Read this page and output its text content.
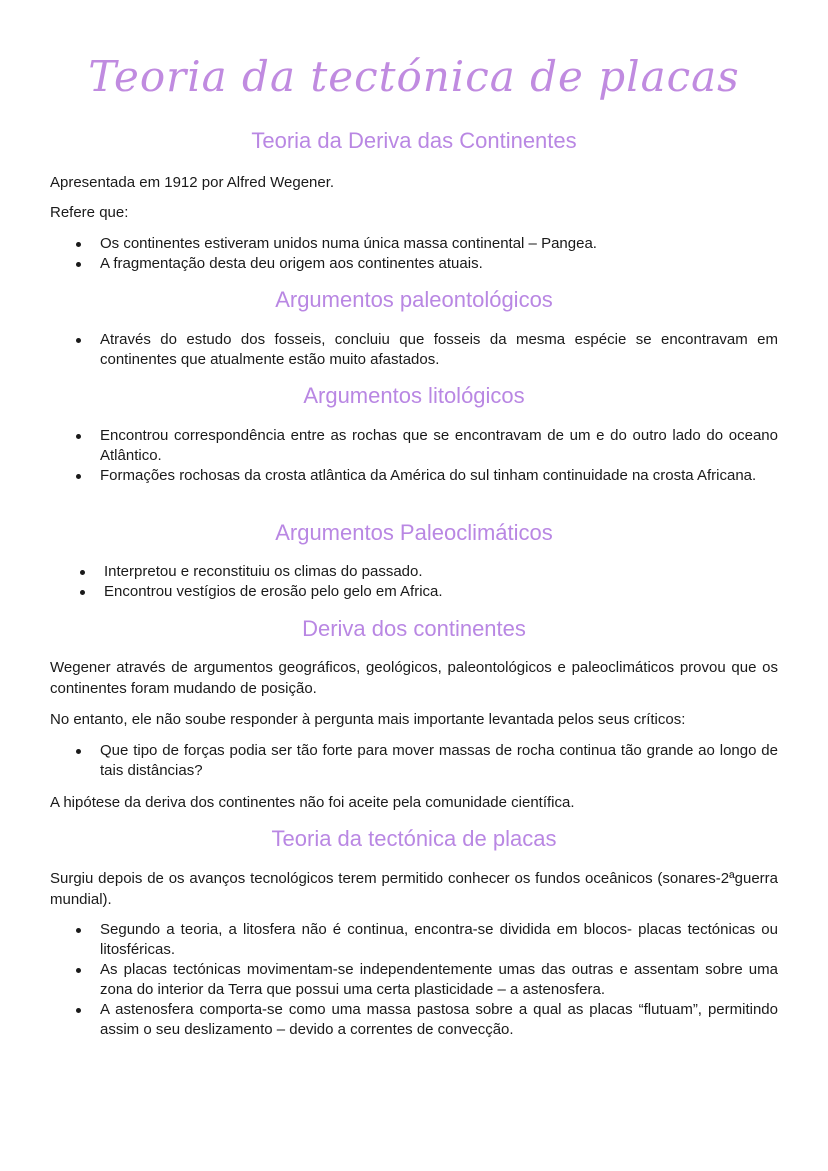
Teoria da tectónica de placas
Teoria da Deriva das Continentes

Apresentada em 1912 por Alfred Wegener.

Refere que:

Os continentes estiveram unidos numa única massa continental – Pangea.
A fragmentação desta deu origem aos continentes atuais.
Argumentos paleontológicos
Através do estudo dos fosseis, concluiu que fosseis da mesma espécie se encontravam em continentes que atualmente estão muito afastados.
Argumentos litológicos
Encontrou correspondência entre as rochas que se encontravam de um e do outro lado do oceano Atlântico.
Formações rochosas da crosta atlântica da América do sul tinham continuidade na crosta Africana.
Argumentos Paleoclimáticos
Interpretou e reconstituiu os climas do passado.
Encontrou vestígios de erosão pelo gelo em Africa.
Deriva dos continentes

Wegener através de argumentos geográficos, geológicos, paleontológicos e paleoclimáticos provou que os continentes foram mudando de posição.

No entanto, ele não soube responder à pergunta mais importante levantada pelos seus críticos:

Que tipo de forças podia ser tão forte para mover massas de rocha continua tão grande ao longo de tais distâncias?

A hipótese da deriva dos continentes não foi aceite pela comunidade científica.

Teoria da tectónica de placas

Surgiu depois de os avanços tecnológicos terem permitido conhecer os fundos oceânicos (sonares-2ªguerra mundial).

Segundo a teoria, a litosfera não é continua, encontra-se dividida em blocos- placas tectónicas ou litosféricas.
As placas tectónicas movimentam-se independentemente umas das outras e assentam sobre uma zona do interior da Terra que possui uma certa plasticidade – a astenosfera.
A astenosfera comporta-se como uma massa pastosa sobre a qual as placas “flutuam”, permitindo assim o seu deslizamento – devido a correntes de convecção.
